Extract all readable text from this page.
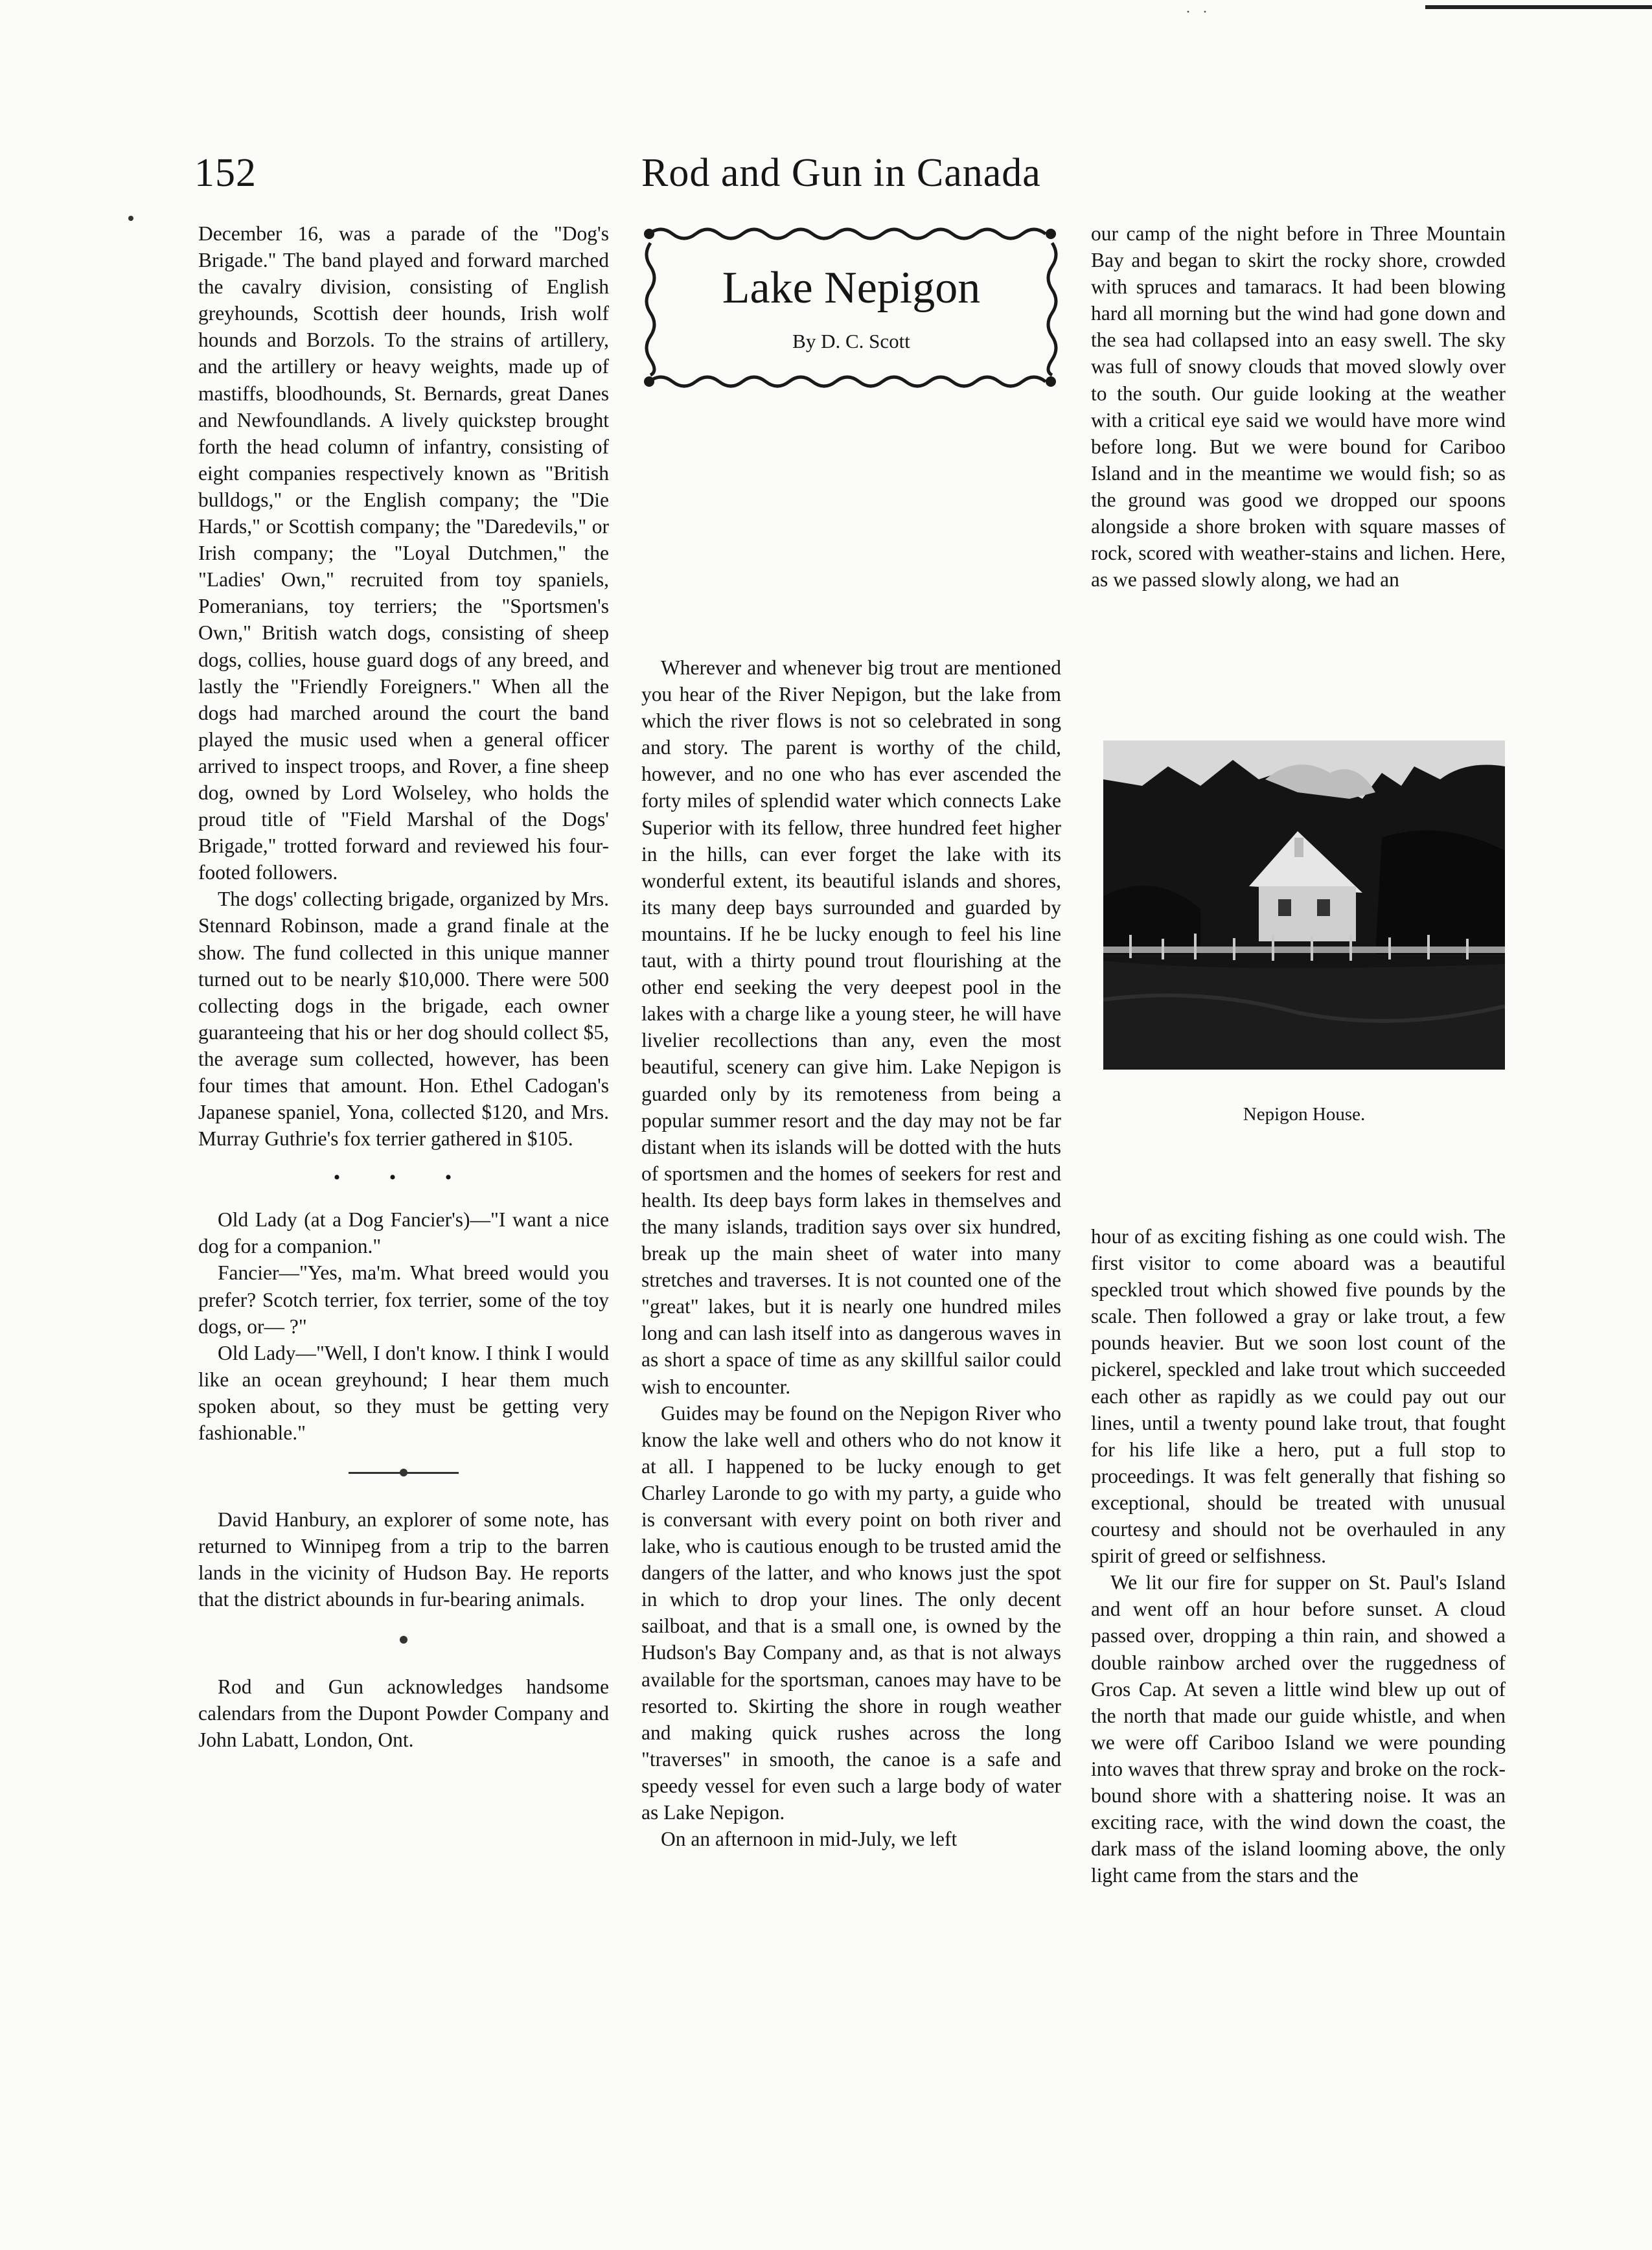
· ·
152	Rod and Gun in Canada

December 16, was a parade of the "Dog's Brigade." The band played and forward marched the cavalry division, consisting of English greyhounds, Scottish deer hounds, Irish wolf hounds and Borzols. To the strains of artillery, and the artillery or heavy weights, made up of mastiffs, bloodhounds, St. Bernards, great Danes and Newfoundlands. A lively quickstep brought forth the head column of infantry, consisting of eight companies respectively known as "British bulldogs," or the English company; the "Die Hards," or Scottish company; the "Daredevils," or Irish company; the "Loyal Dutchmen," the "Ladies' Own," recruited from toy spaniels, Pomeranians, toy terriers; the "Sportsmen's Own," British watch dogs, consisting of sheep dogs, collies, house guard dogs of any breed, and lastly the "Friendly Foreigners." When all the dogs had marched around the court the band played the music used when a general officer arrived to inspect troops, and Rover, a fine sheep dog, owned by Lord Wolseley, who holds the proud title of "Field Marshal of the Dogs' Brigade," trotted forward and reviewed his four-footed followers.

The dogs' collecting brigade, organized by Mrs. Stennard Robinson, made a grand finale at the show. The fund collected in this unique manner turned out to be nearly $10,000. There were 500 collecting dogs in the brigade, each owner guaranteeing that his or her dog should collect $5, the average sum collected, however, has been four times that amount. Hon. Ethel Cadogan's Japanese spaniel, Yona, collected $120, and Mrs. Murray Guthrie's fox terrier gathered in $105.

• • •

Old Lady (at a Dog Fancier's)—"I want a nice dog for a companion."

Fancier—"Yes, ma'm. What breed would you prefer? Scotch terrier, fox terrier, some of the toy dogs, or— ?"

Old Lady—"Well, I don't know. I think I would like an ocean greyhound; I hear them much spoken about, so they must be getting very fashionable."

David Hanbury, an explorer of some note, has returned to Winnipeg from a trip to the barren lands in the vicinity of Hudson Bay. He reports that the district abounds in fur-bearing animals.

Rod and Gun acknowledges handsome calendars from the Dupont Powder Company and John Labatt, London, Ont.

Lake Nepigon
By D. C. Scott

Wherever and whenever big trout are mentioned you hear of the River Nepigon, but the lake from which the river flows is not so celebrated in song and story. The parent is worthy of the child, however, and no one who has ever ascended the forty miles of splendid water which connects Lake Superior with its fellow, three hundred feet higher in the hills, can ever forget the lake with its wonderful extent, its beautiful islands and shores, its many deep bays surrounded and guarded by mountains. If he be lucky enough to feel his line taut, with a thirty pound trout flourishing at the other end seeking the very deepest pool in the lakes with a charge like a young steer, he will have livelier recollections than any, even the most beautiful, scenery can give him. Lake Nepigon is guarded only by its remoteness from being a popular summer resort and the day may not be far distant when its islands will be dotted with the huts of sportsmen and the homes of seekers for rest and health. Its deep bays form lakes in themselves and the many islands, tradition says over six hundred, break up the main sheet of water into many stretches and traverses. It is not counted one of the "great" lakes, but it is nearly one hundred miles long and can lash itself into as dangerous waves in as short a space of time as any skillful sailor could wish to encounter.

Guides may be found on the Nepigon River who know the lake well and others who do not know it at all. I happened to be lucky enough to get Charley Laronde to go with my party, a guide who is conversant with every point on both river and lake, who is cautious enough to be trusted amid the dangers of the latter, and who knows just the spot in which to drop your lines. The only decent sailboat, and that is a small one, is owned by the Hudson's Bay Company and, as that is not always available for the sportsman, canoes may have to be resorted to. Skirting the shore in rough weather and making quick rushes across the long "traverses" in smooth, the canoe is a safe and speedy vessel for even such a large body of water as Lake Nepigon.

On an afternoon in mid-July, we left

our camp of the night before in Three Mountain Bay and began to skirt the rocky shore, crowded with spruces and tamaracs. It had been blowing hard all morning but the wind had gone down and the sea had collapsed into an easy swell. The sky was full of snowy clouds that moved slowly over to the south. Our guide looking at the weather with a critical eye said we would have more wind before long. But we were bound for Cariboo Island and in the meantime we would fish; so as the ground was good we dropped our spoons alongside a shore broken with square masses of rock, scored with weather-stains and lichen. Here, as we passed slowly along, we had an

Nepigon House.

hour of as exciting fishing as one could wish. The first visitor to come aboard was a beautiful speckled trout which showed five pounds by the scale. Then followed a gray or lake trout, a few pounds heavier. But we soon lost count of the pickerel, speckled and lake trout which succeeded each other as rapidly as we could pay out our lines, until a twenty pound lake trout, that fought for his life like a hero, put a full stop to proceedings. It was felt generally that fishing so exceptional, should be treated with unusual courtesy and should not be overhauled in any spirit of greed or selfishness.

We lit our fire for supper on St. Paul's Island and went off an hour before sunset. A cloud passed over, dropping a thin rain, and showed a double rainbow arched over the ruggedness of Gros Cap. At seven a little wind blew up out of the north that made our guide whistle, and when we were off Cariboo Island we were pounding into waves that threw spray and broke on the rock-bound shore with a shattering noise. It was an exciting race, with the wind down the coast, the dark mass of the island looming above, the only light came from the stars and the
